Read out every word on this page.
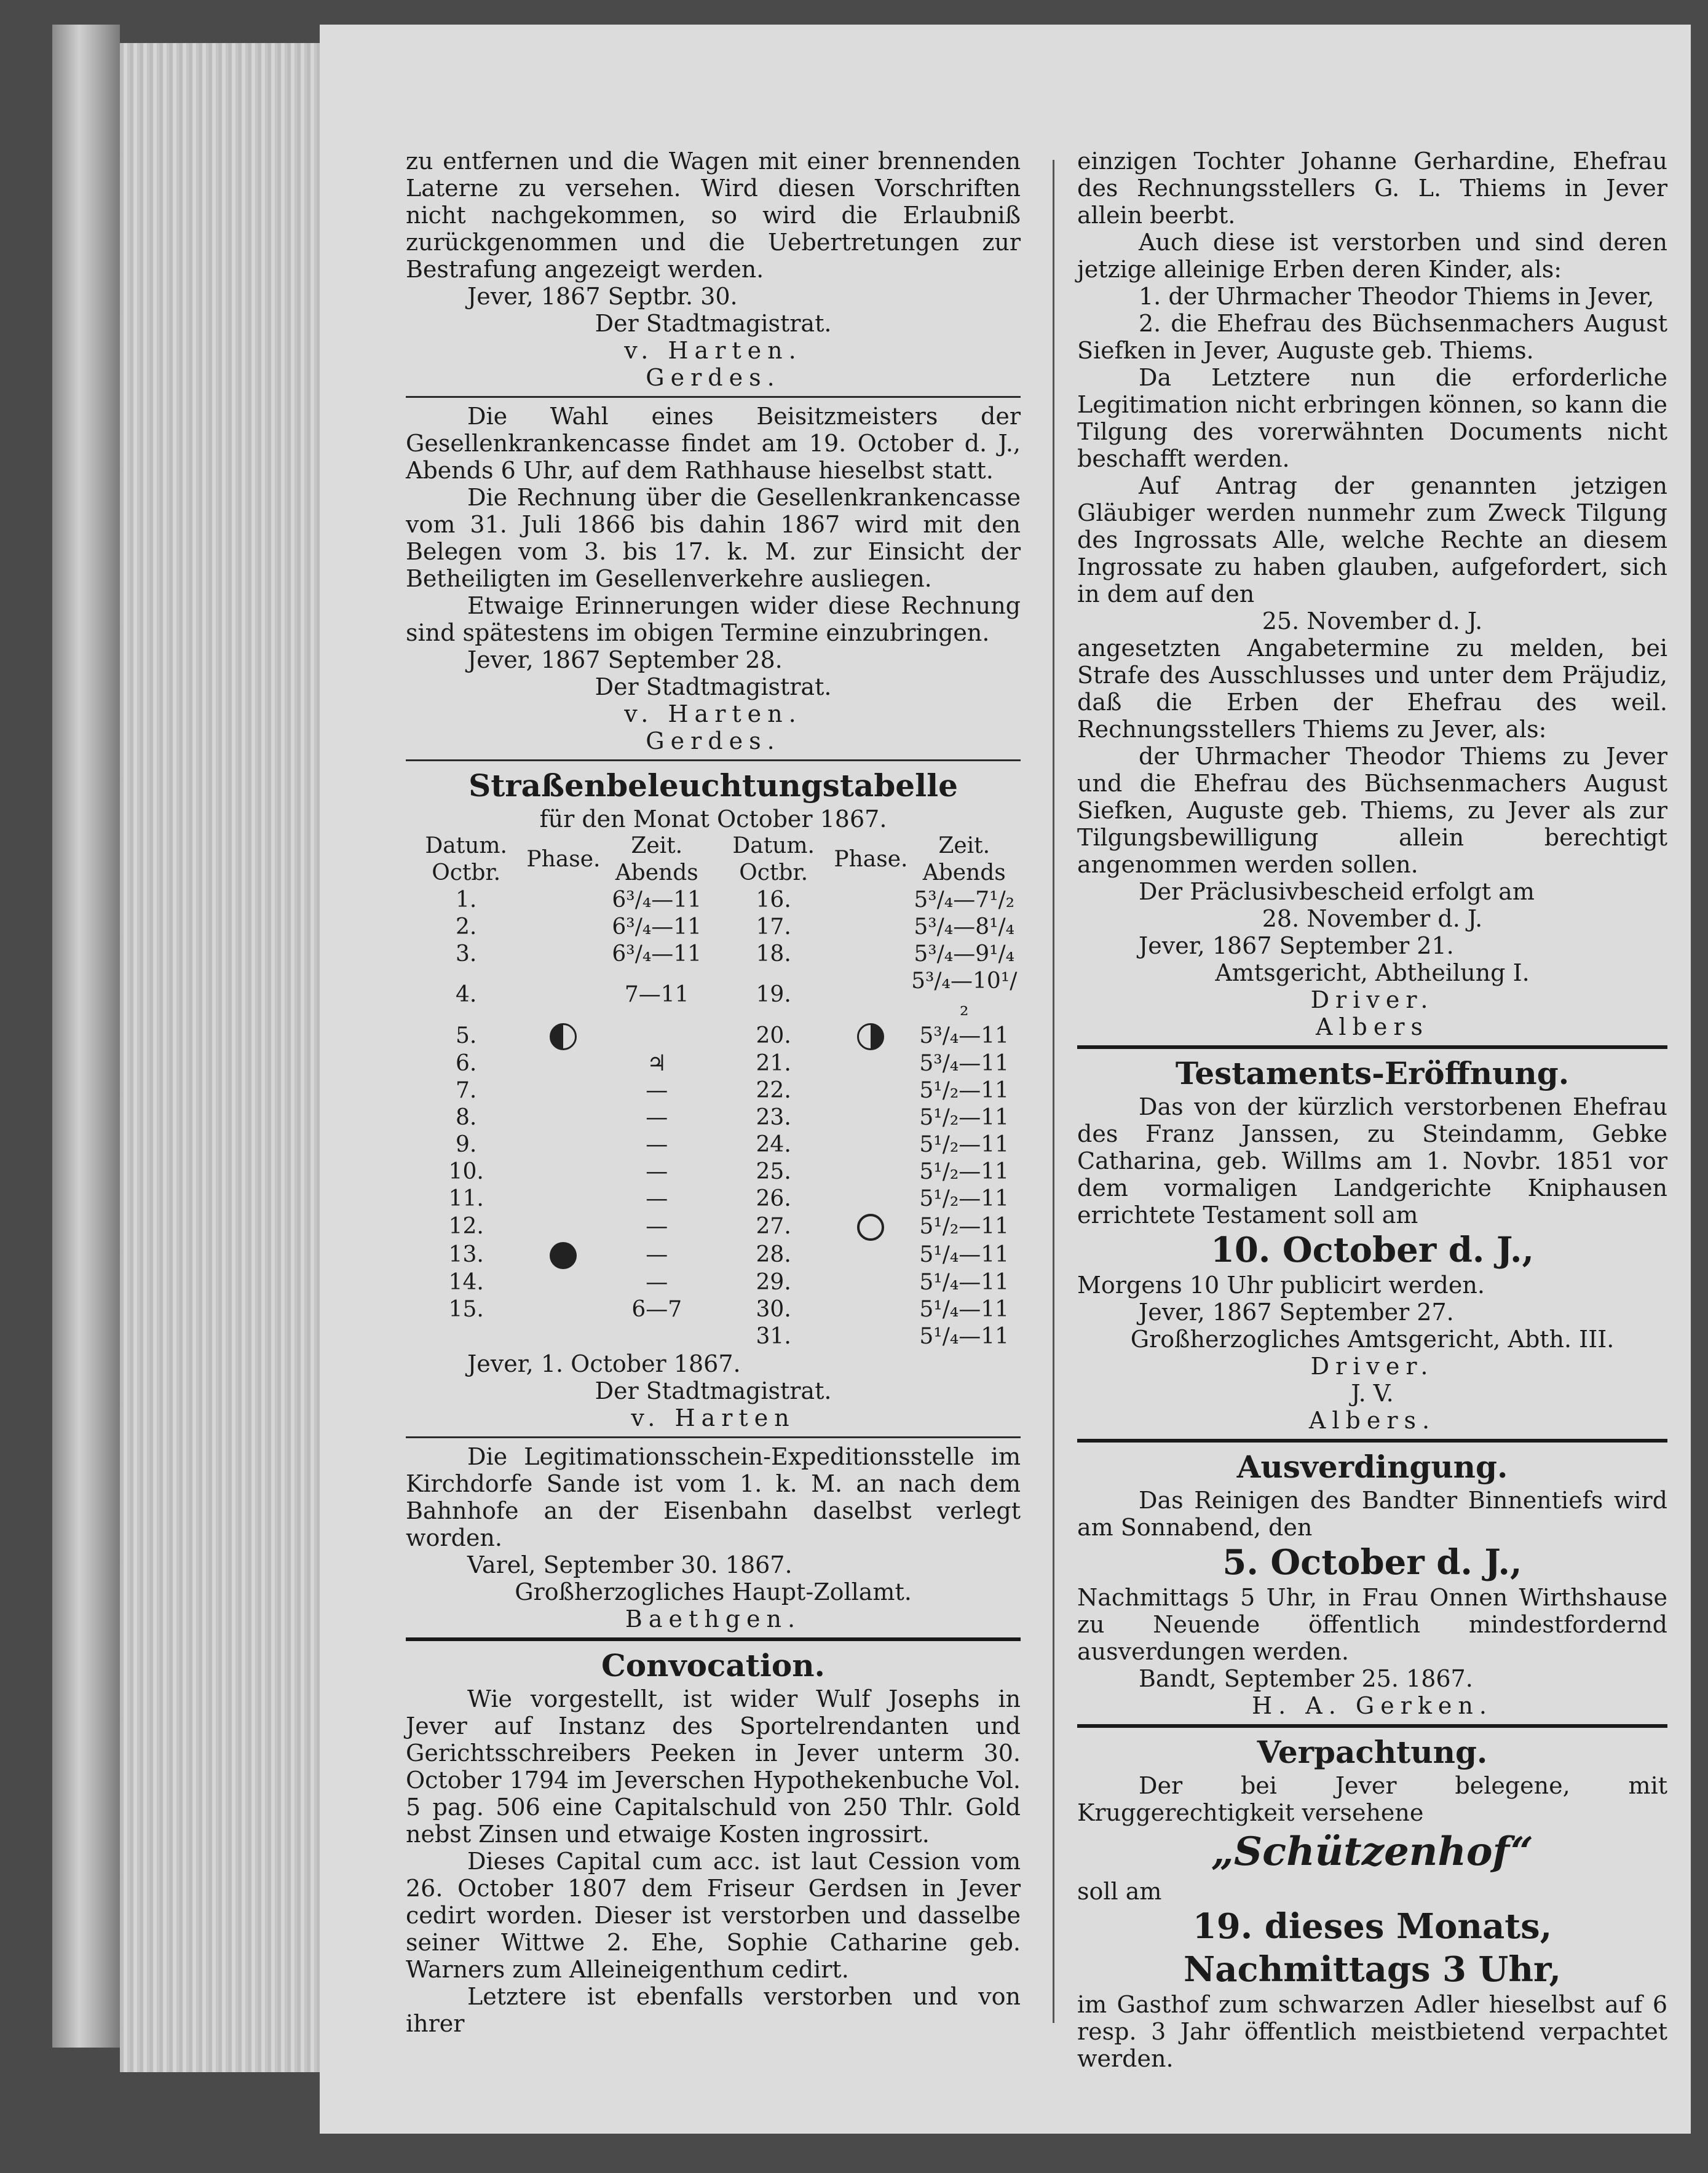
zu entfernen und die Wagen mit einer brennenden Laterne zu versehen. Wird diesen Vorschriften nicht nachgekommen, so wird die Erlaubniß zurückgenommen und die Uebertretungen zur Bestrafung angezeigt werden.

Jever, 1867 Septbr. 30.

Der Stadtmagistrat.

v. Harten.

Gerdes.

Die Wahl eines Beisitzmeisters der Gesellenkrankencasse findet am 19. October d. J., Abends 6 Uhr, auf dem Rathhause hieselbst statt.

Die Rechnung über die Gesellenkrankencasse vom 31. Juli 1866 bis dahin 1867 wird mit den Belegen vom 3. bis 17. k. M. zur Einsicht der Betheiligten im Gesellenverkehre ausliegen.

Etwaige Erinnerungen wider diese Rechnung sind spätestens im obigen Termine einzubringen.

Jever, 1867 September 28.

Der Stadtmagistrat.

v. Harten.

Gerdes.

Straßenbeleuchtungstabelle

für den Monat October 1867.

Datum. Octbr.	Phase.	Zeit. Abends	Datum. Octbr.	Phase.	Zeit. Abends
1.		6³/₄—11	16.		5³/₄—7¹/₂
2.		6³/₄—11	17.		5³/₄—8¹/₄
3.		6³/₄—11	18.		5³/₄—9¹/₄
4.		7—11	19.		5³/₄—10¹/₂
5.			20.		5³/₄—11
6.		♃	21.		5³/₄—11
7.		—	22.		5¹/₂—11
8.		—	23.		5¹/₂—11
9.		—	24.		5¹/₂—11
10.		—	25.		5¹/₂—11
11.		—	26.		5¹/₂—11
12.		—	27.		5¹/₂—11
13.		—	28.		5¹/₄—11
14.		—	29.		5¹/₄—11
15.		6—7	30.		5¹/₄—11
			31.		5¹/₄—11

Jever, 1. October 1867.

Der Stadtmagistrat.

v. Harten

Die Legitimationsschein-Expeditionsstelle im Kirchdorfe Sande ist vom 1. k. M. an nach dem Bahnhofe an der Eisenbahn daselbst verlegt worden.

Varel, September 30. 1867.

Großherzogliches Haupt-Zollamt.

Baethgen.

Convocation.

Wie vorgestellt, ist wider Wulf Josephs in Jever auf Instanz des Sportelrendanten und Gerichtsschreibers Peeken in Jever unterm 30. October 1794 im Jeverschen Hypothekenbuche Vol. 5 pag. 506 eine Capitalschuld von 250 Thlr. Gold nebst Zinsen und etwaige Kosten ingrossirt.

Dieses Capital cum acc. ist laut Cession vom 26. October 1807 dem Friseur Gerdsen in Jever cedirt worden. Dieser ist verstorben und dasselbe seiner Wittwe 2. Ehe, Sophie Catharine geb. Warners zum Alleineigenthum cedirt.

Letztere ist ebenfalls verstorben und von ihrer

einzigen Tochter Johanne Gerhardine, Ehefrau des Rechnungsstellers G. L. Thiems in Jever allein beerbt.

Auch diese ist verstorben und sind deren jetzige alleinige Erben deren Kinder, als:

1. der Uhrmacher Theodor Thiems in Jever,

2. die Ehefrau des Büchsenmachers August Siefken in Jever, Auguste geb. Thiems.

Da Letztere nun die erforderliche Legitimation nicht erbringen können, so kann die Tilgung des vorerwähnten Documents nicht beschafft werden.

Auf Antrag der genannten jetzigen Gläubiger werden nunmehr zum Zweck Tilgung des Ingrossats Alle, welche Rechte an diesem Ingrossate zu haben glauben, aufgefordert, sich in dem auf den

25. November d. J.

angesetzten Angabetermine zu melden, bei Strafe des Ausschlusses und unter dem Präjudiz, daß die Erben der Ehefrau des weil. Rechnungsstellers Thiems zu Jever, als:

der Uhrmacher Theodor Thiems zu Jever und die Ehefrau des Büchsenmachers August Siefken, Auguste geb. Thiems, zu Jever als zur Tilgungsbewilligung allein berechtigt angenommen werden sollen.

Der Präclusivbescheid erfolgt am

28. November d. J.

Jever, 1867 September 21.

Amtsgericht, Abtheilung I.

Driver.

Albers

Testaments-Eröffnung.

Das von der kürzlich verstorbenen Ehefrau des Franz Janssen, zu Steindamm, Gebke Catharina, geb. Willms am 1. Novbr. 1851 vor dem vormaligen Landgerichte Kniphausen errichtete Testament soll am

10. October d. J.,

Morgens 10 Uhr publicirt werden.

Jever, 1867 September 27.

Großherzogliches Amtsgericht, Abth. III.

Driver.

J. V.

Albers.

Ausverdingung.

Das Reinigen des Bandter Binnentiefs wird am Sonnabend, den

5. October d. J.,

Nachmittags 5 Uhr, in Frau Onnen Wirthshause zu Neuende öffentlich mindestfordernd ausverdungen werden.

Bandt, September 25. 1867.

H. A. Gerken.

Verpachtung.

Der bei Jever belegene, mit Kruggerechtigkeit versehene

„Schützenhof“

soll am

19. dieses Monats,
Nachmittags 3 Uhr,

im Gasthof zum schwarzen Adler hieselbst auf 6 resp. 3 Jahr öffentlich meistbietend verpachtet werden.
